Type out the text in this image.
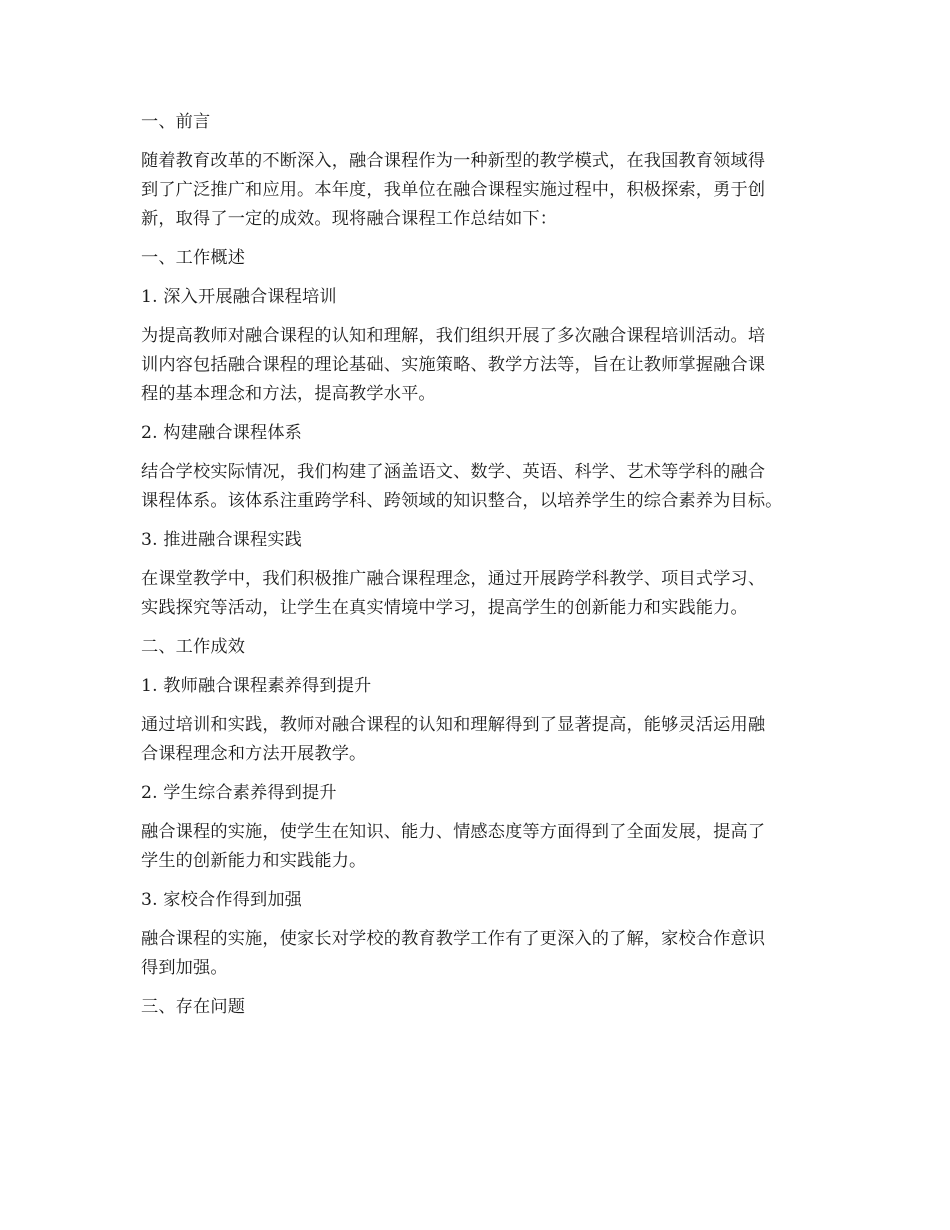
一、前言
随着教育改革的不断深入，融合课程作为一种新型的教学模式，在我国教育领域得
到了广泛推广和应用。本年度，我单位在融合课程实施过程中，积极探索，勇于创
新，取得了一定的成效。现将融合课程工作总结如下：
一、工作概述
1. 深入开展融合课程培训
为提高教师对融合课程的认知和理解，我们组织开展了多次融合课程培训活动。培
训内容包括融合课程的理论基础、实施策略、教学方法等，旨在让教师掌握融合课
程的基本理念和方法，提高教学水平。
2. 构建融合课程体系
结合学校实际情况，我们构建了涵盖语文、数学、英语、科学、艺术等学科的融合
课程体系。该体系注重跨学科、跨领域的知识整合，以培养学生的综合素养为目标。
3. 推进融合课程实践
在课堂教学中，我们积极推广融合课程理念，通过开展跨学科教学、项目式学习、
实践探究等活动，让学生在真实情境中学习，提高学生的创新能力和实践能力。
二、工作成效
1. 教师融合课程素养得到提升
通过培训和实践，教师对融合课程的认知和理解得到了显著提高，能够灵活运用融
合课程理念和方法开展教学。
2. 学生综合素养得到提升
融合课程的实施，使学生在知识、能力、情感态度等方面得到了全面发展，提高了
学生的创新能力和实践能力。
3. 家校合作得到加强
融合课程的实施，使家长对学校的教育教学工作有了更深入的了解，家校合作意识
得到加强。
三、存在问题
